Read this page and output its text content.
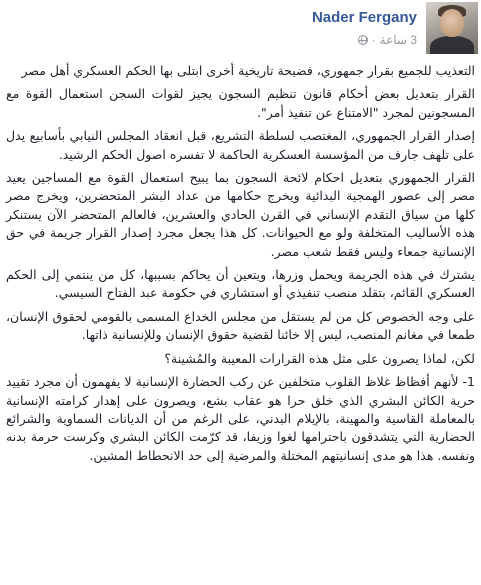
Nader Fergany
3 ساعة
·

التعذيب للجميع بقرار جمهوري، فضيحة تاريخية أخرى ابتلى بها الحكم العسكري أهل مصر

القرار بتعديل بعض أحكام قانون تنظيم السجون يجيز لقوات السجن استعمال القوة مع المسجونين لمجرد "الامتناع عن تنفيذ أمر".

إصدار القرار الجمهوري، المغتصب لسلطة التشريع، قبل انعقاد المجلس النيابي بأسابيع يدل على تلهف جارف من المؤسسة العسكرية الحاكمة لا تفسره اصول الحكم الرشيد.

القرار الجمهوري بتعديل احكام لائحة السجون بما يبيح استعمال القوة مع المساجين يعيد مصر إلى عصور الهمجية البدائية ويخرج حكامها من عداد البشر المتحضرين، ويخرج مصر كلها من سياق التقدم الإنساني في القرن الحادي والعشرين، فالعالم المتحضر الآن يستنكر هذه الأساليب المتخلفة ولو مع الحيوانات. كل هذا يجعل مجرد إصدار القرار جريمة في حق الإنسانية جمعاء وليس فقط شعب مصر.

يشترك في هذه الجريمة ويحمل وزرها، ويتعين أن يحاكم بسببها، كل من ينتمي إلى الحكم العسكري القائم، بتقلد منصب تنفيذي أو استشاري في حكومة عبد الفتاح السيسي.

على وجه الخصوص كل من لم يستقل من مجلس الخداع المسمى بالقومي لحقوق الإنسان، طمعا في مغانم المنصب، ليس إلا خائنا لقضية حقوق الإنسان وللإنسانية ذاتها.

لكن، لماذا يصرون على مثل هذه القرارات المعيبة والمُشينة؟

1- لأنهم أفظاظ غلاظ القلوب متخلفين عن ركب الحضارة الإنسانية لا يفهمون أن مجرد تقييد حرية الكائن البشري الذي خلق حرا هو عقاب بشع، ويصرون على إهدار كرامته الإنسانية بالمعاملة القاسية والمهينة، بالإيلام البدني، على الرغم من أن الديانات السماوية والشرائع الحضارية التي يتشدقون باحترامها لغوا وزيفا، قد كرّمت الكائن البشري وكرست حرمة بدنه ونفسه. هذا هو مدى إنسانيتهم المختلة والمرضية إلى حد الانحطاط المشين.
